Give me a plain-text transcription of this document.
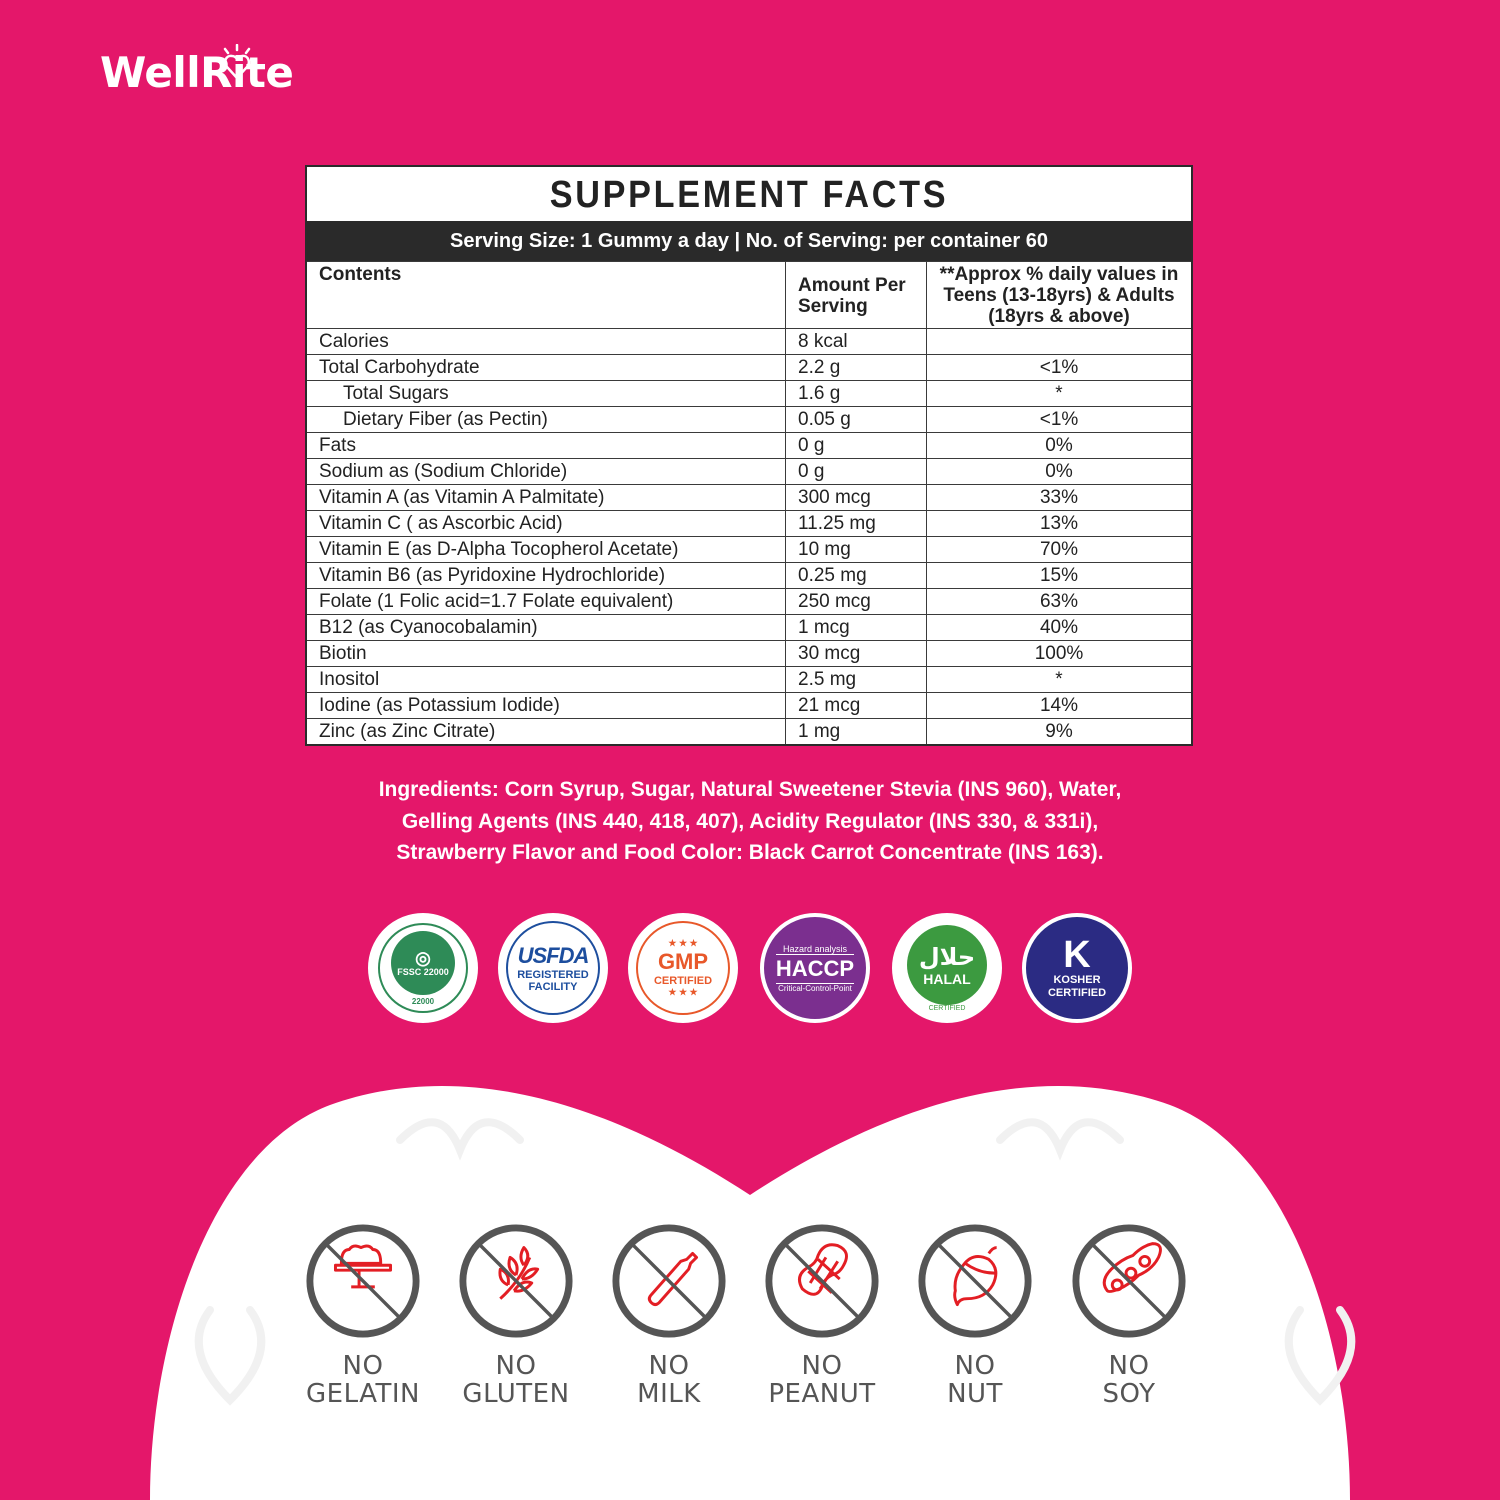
WellRite
SUPPLEMENT FACTS
Serving Size: 1 Gummy a day | No. of Serving: per container 60
Contents	Amount Per Serving	**Approx % daily values in Teens (13-18yrs) & Adults (18yrs & above)
Calories	8 kcal	
Total Carbohydrate	2.2 g	<1%
Total Sugars	1.6 g	*
Dietary Fiber (as Pectin)	0.05 g	<1%
Fats	0 g	0%
Sodium as (Sodium Chloride)	0 g	0%
Vitamin A (as Vitamin A Palmitate)	300 mcg	33%
Vitamin C ( as Ascorbic Acid)	11.25 mg	13%
Vitamin E (as D-Alpha Tocopherol Acetate)	10 mg	70%
Vitamin B6 (as Pyridoxine Hydrochloride)	0.25 mg	15%
Folate (1 Folic acid=1.7 Folate equivalent)	250 mcg	63%
B12 (as Cyanocobalamin)	1 mcg	40%
Biotin	30 mcg	100%
Inositol	2.5 mg	*
Iodine (as Potassium Iodide)	21 mcg	14%
Zinc (as Zinc Citrate)	1 mg	9%
Ingredients: Corn Syrup, Sugar, Natural Sweetener Stevia (INS 960), Water,
Gelling Agents (INS 440, 418, 407), Acidity Regulator (INS 330, & 331i),
Strawberry Flavor and Food Color: Black Carrot Concentrate (INS 163).
◎
FSSC 22000
22000
USFDA
REGISTERED FACILITY
★ ★ ★
GMP
CERTIFIED
★ ★ ★
Hazard analysis
HACCP
Critical-Control-Point
حلال
HALAL
CERTIFIED
K
KOSHER CERTIFIED
NO
GELATIN
NO
GLUTEN
NO
MILK
NO
PEANUT
NO
NUT
NO
SOY
